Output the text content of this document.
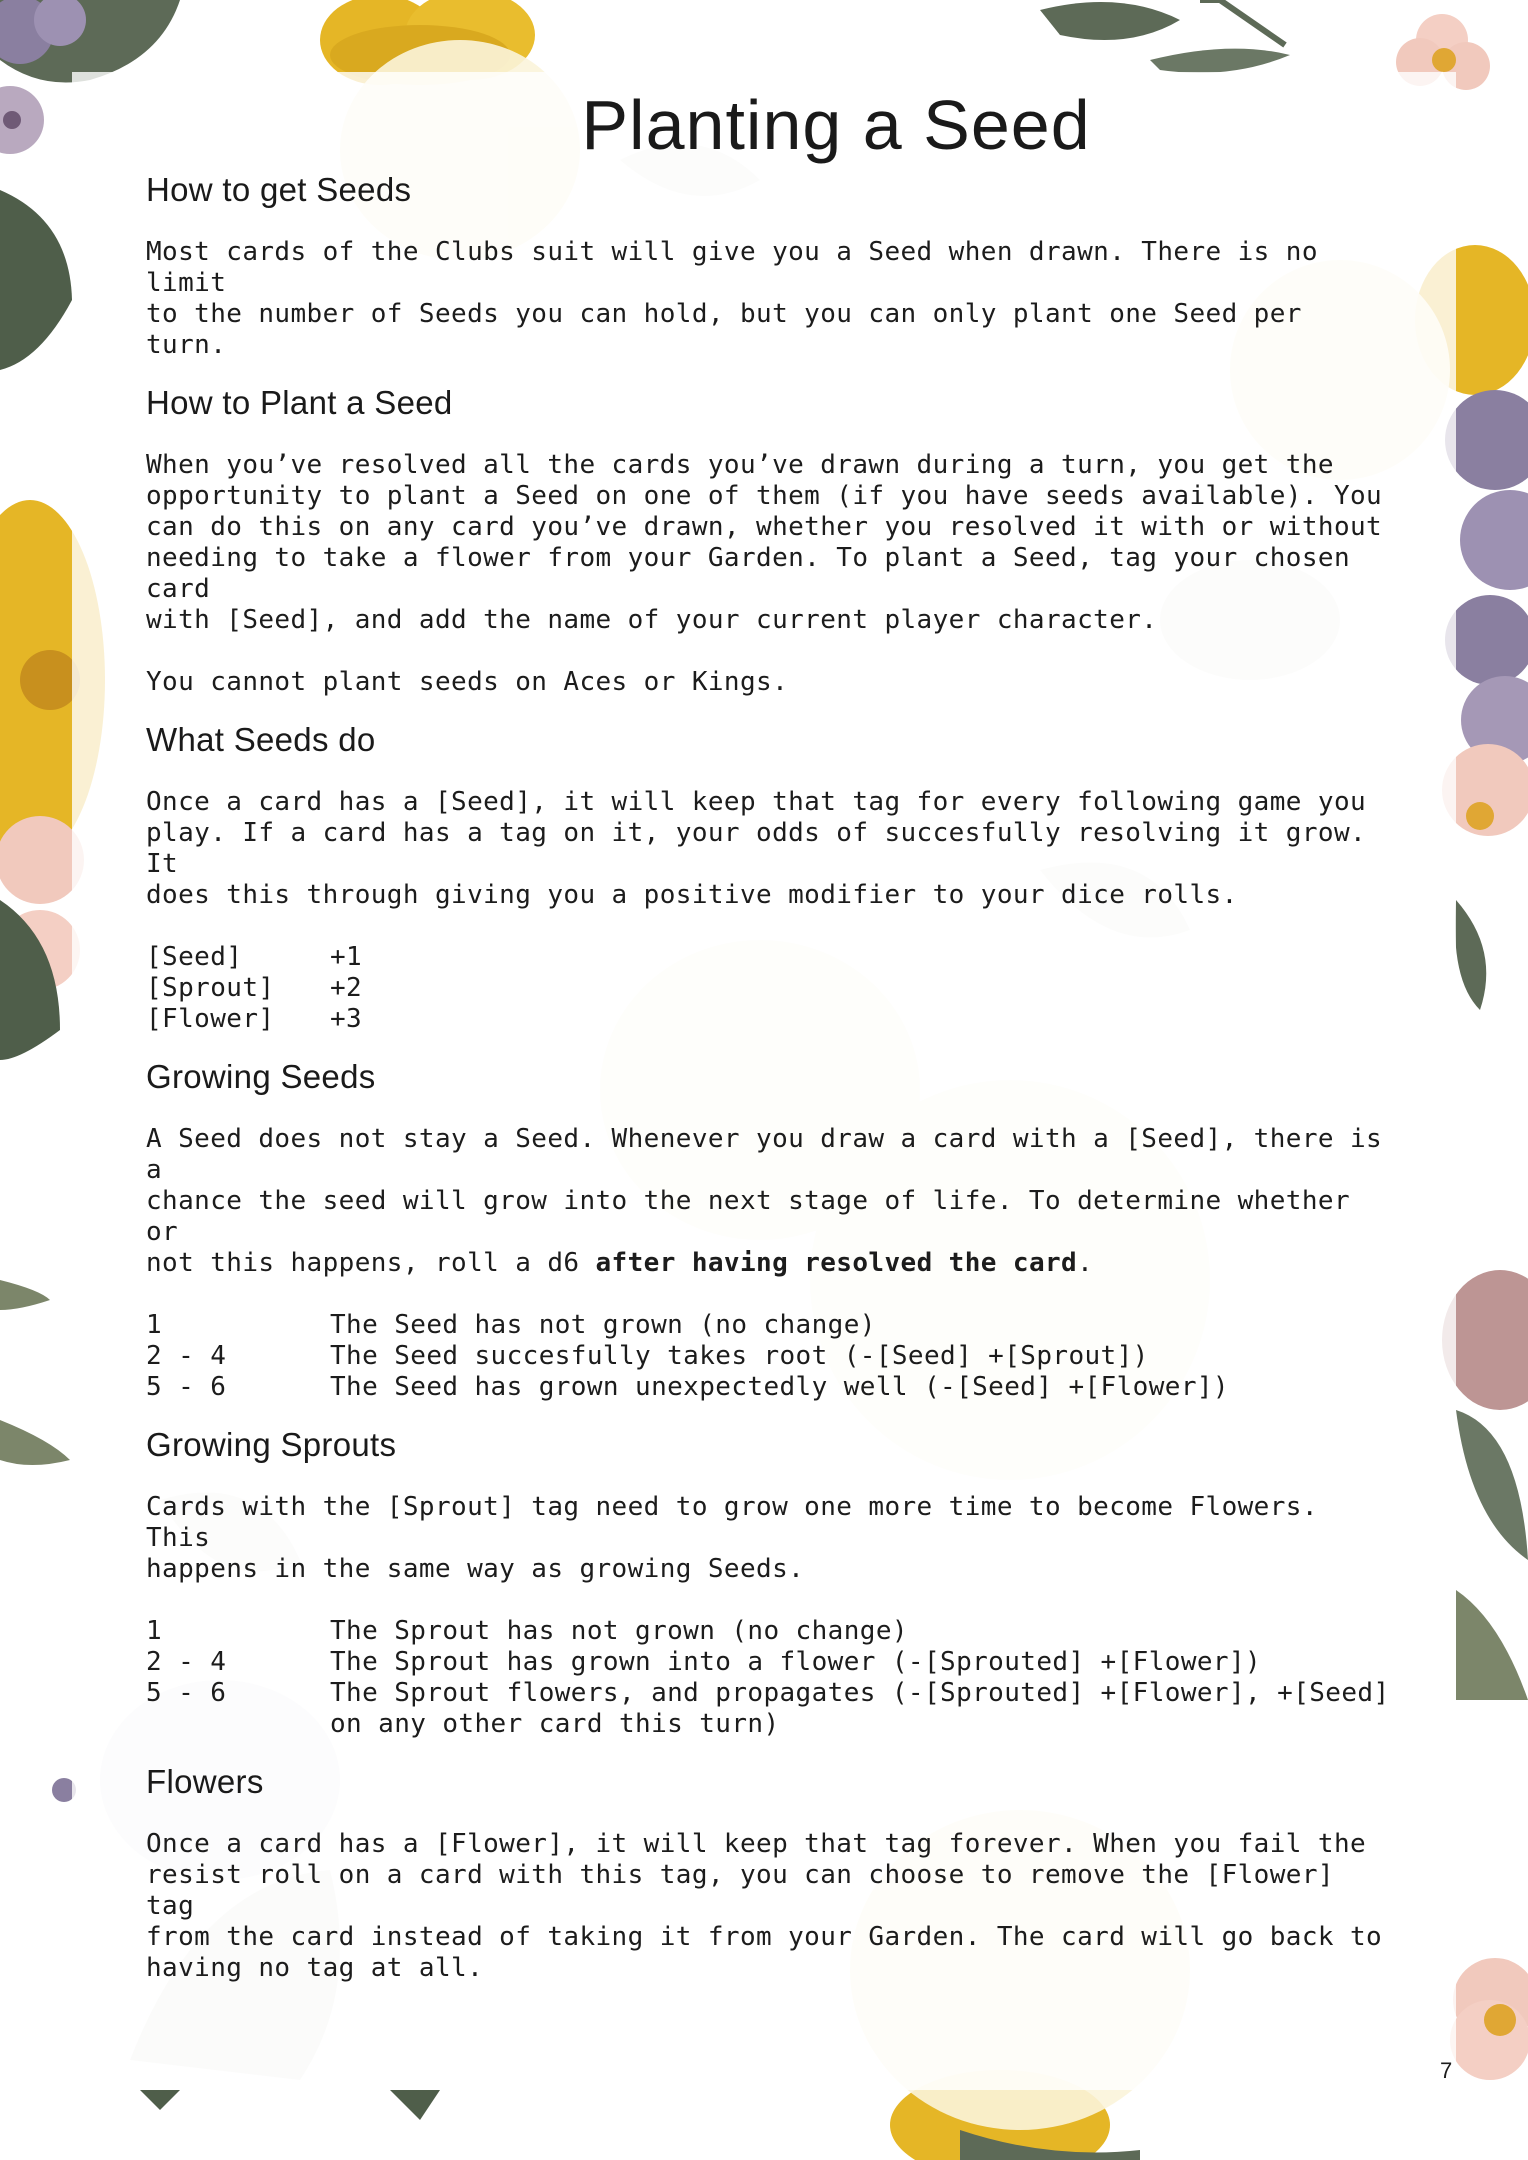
Planting a Seed
How to get Seeds

Most cards of the Clubs suit will give you a Seed when drawn. There is no limit
to the number of Seeds you can hold, but you can only plant one Seed per turn.

How to Plant a Seed

When you’ve resolved all the cards you’ve drawn during a turn, you get the
opportunity to plant a Seed on one of them (if you have seeds available). You
can do this on any card you’ve drawn, whether you resolved it with or without
needing to take a flower from your Garden. To plant a Seed, tag your chosen card
with [Seed], and add the name of your current player character.

You cannot plant seeds on Aces or Kings.

What Seeds do

Once a card has a [Seed], it will keep that tag for every following game you
play. If a card has a tag on it, your odds of succesfully resolving it grow. It
does this through giving you a positive modifier to your dice rolls.

[Seed]	+1
[Sprout]	+2
[Flower]	+3
Growing Seeds

A Seed does not stay a Seed. Whenever you draw a card with a [Seed], there is a
chance the seed will grow into the next stage of life. To determine whether or
not this happens, roll a d6 after having resolved the card.

1	The Seed has not grown (no change)
2 - 4	The Seed succesfully takes root (-[Seed] +[Sprout])
5 - 6	The Seed has grown unexpectedly well (-[Seed] +[Flower])
Growing Sprouts

Cards with the [Sprout] tag need to grow one more time to become Flowers. This
happens in the same way as growing Seeds.

1	The Sprout has not grown (no change)
2 - 4	The Sprout has grown into a flower (-[Sprouted] +[Flower])
5 - 6	The Sprout flowers, and propagates (-[Sprouted] +[Flower], +[Seed]
on any other card this turn)
Flowers

Once a card has a [Flower], it will keep that tag forever. When you fail the
resist roll on a card with this tag, you can choose to remove the [Flower] tag
from the card instead of taking it from your Garden. The card will go back to
having no tag at all.

7
